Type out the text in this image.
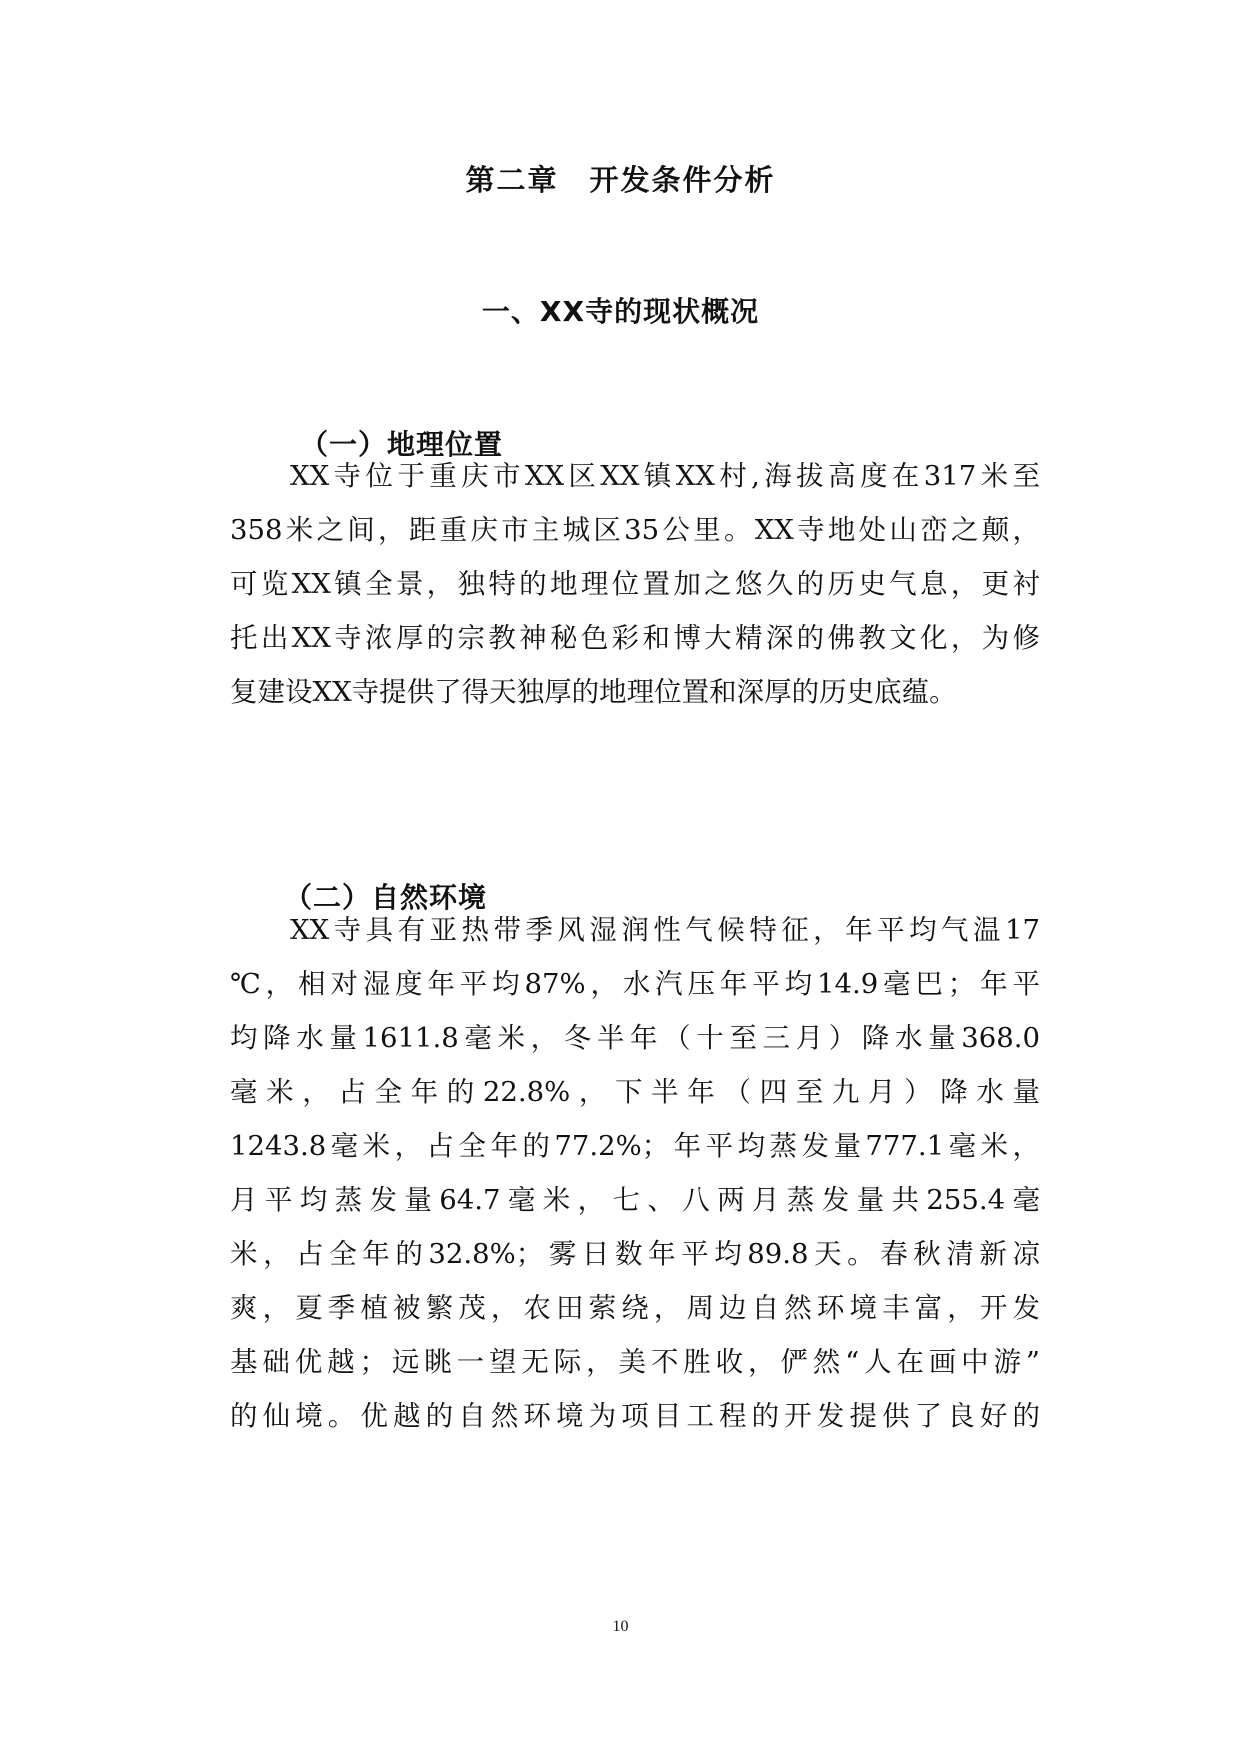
第二章　开发条件分析
一、XX寺的现状概况
（一）地理位置
XX寺位于重庆市XX区XX镇XX村,海拔高度在317米至
358米之间，距重庆市主城区35公里。XX寺地处山峦之颠，
可览XX镇全景，独特的地理位置加之悠久的历史气息，更衬
托出XX寺浓厚的宗教神秘色彩和博大精深的佛教文化，为修
复建设XX寺提供了得天独厚的地理位置和深厚的历史底蕴。
（二）自然环境
XX寺具有亚热带季风湿润性气候特征，年平均气温17
℃，相对湿度年平均87%，水汽压年平均14.9毫巴；年平
均降水量1611.8毫米，冬半年（十至三月）降水量368.0
毫米，占全年的22.8%，下半年（四至九月）降水量
1243.8毫米，占全年的77.2%；年平均蒸发量777.1毫米，
月平均蒸发量64.7毫米，七、八两月蒸发量共255.4毫
米，占全年的32.8%；雾日数年平均89.8天。春秋清新凉
爽，夏季植被繁茂，农田萦绕，周边自然环境丰富，开发
基础优越；远眺一望无际，美不胜收，俨然“人在画中游”
的仙境。优越的自然环境为项目工程的开发提供了良好的
10
